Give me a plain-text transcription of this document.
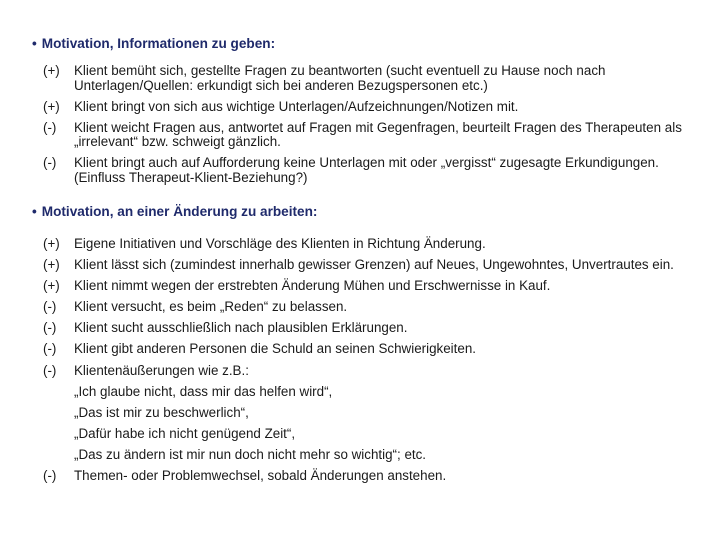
• Motivation, Informationen zu geben:
(+)	Klient bemüht sich, gestellte Fragen zu beantworten (sucht eventuell zu Hause noch nach Unterlagen/Quellen: erkundigt sich bei anderen Bezugspersonen etc.)
(+)	Klient bringt von sich aus wichtige Unterlagen/Aufzeichnungen/Notizen mit.
(-)	Klient weicht Fragen aus, antwortet auf Fragen mit Gegenfragen, beurteilt Fragen des Therapeuten als „irrelevant“ bzw. schweigt gänzlich.
(-)	Klient bringt auch auf Aufforderung keine Unterlagen mit oder „vergisst“ zugesagte Erkundigungen. (Einfluss Therapeut-Klient-Beziehung?)
• Motivation, an einer Änderung zu arbeiten:
(+)	Eigene Initiativen und Vorschläge des Klienten in Richtung Änderung.
(+)	Klient lässt sich (zumindest innerhalb gewisser Grenzen) auf Neues, Ungewohntes, Unvertrautes ein.
(+)	Klient nimmt wegen der erstrebten Änderung Mühen und Erschwernisse in Kauf.
(-)	Klient versucht, es beim „Reden“ zu belassen.
(-)	Klient sucht ausschließlich nach plausiblen Erklärungen.
(-)	Klient gibt anderen Personen die Schuld an seinen Schwierigkeiten.
(-)	Klientenäußerungen wie z.B.:
„Ich glaube nicht, dass mir das helfen wird“,
„Das ist mir zu beschwerlich“,
„Dafür habe ich nicht genügend Zeit“,
„Das zu ändern ist mir nun doch nicht mehr so wichtig“; etc.
(-)	Themen- oder Problemwechsel, sobald Änderungen anstehen.
